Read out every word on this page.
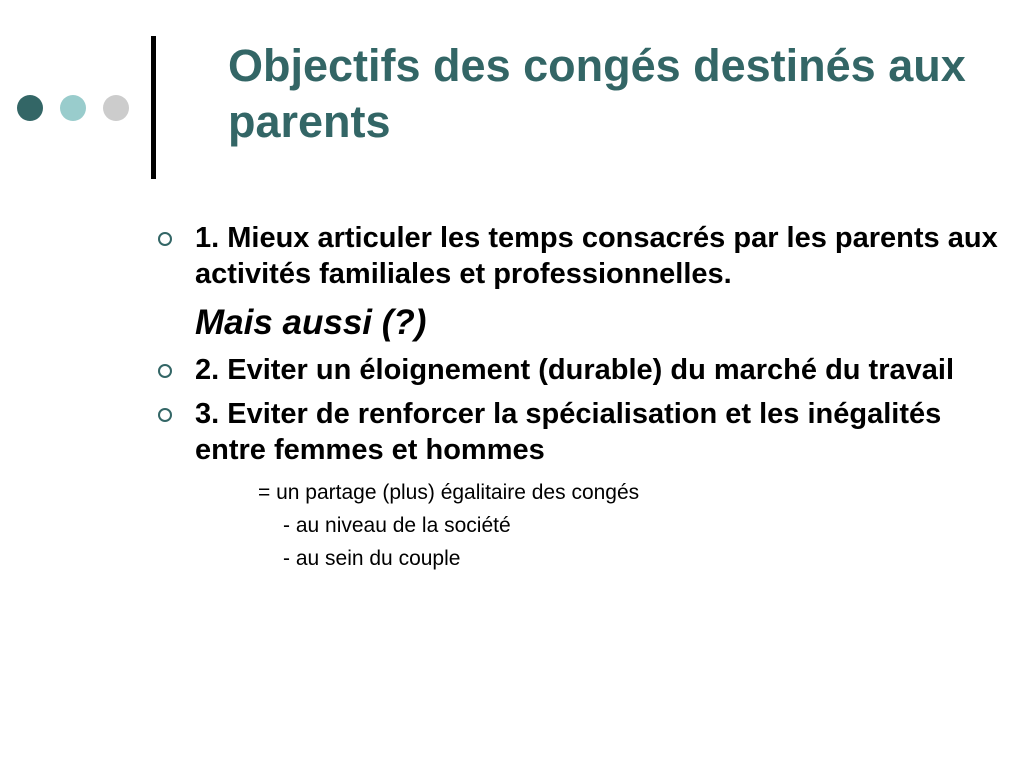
Objectifs des congés destinés aux parents
1. Mieux articuler les temps consacrés par les parents aux activités familiales et professionnelles.
Mais aussi (?)
2. Eviter un éloignement (durable) du marché du travail
3. Eviter de renforcer la spécialisation et les inégalités entre femmes et hommes
= un partage (plus) égalitaire des congés
- au niveau de la société
- au sein du couple
